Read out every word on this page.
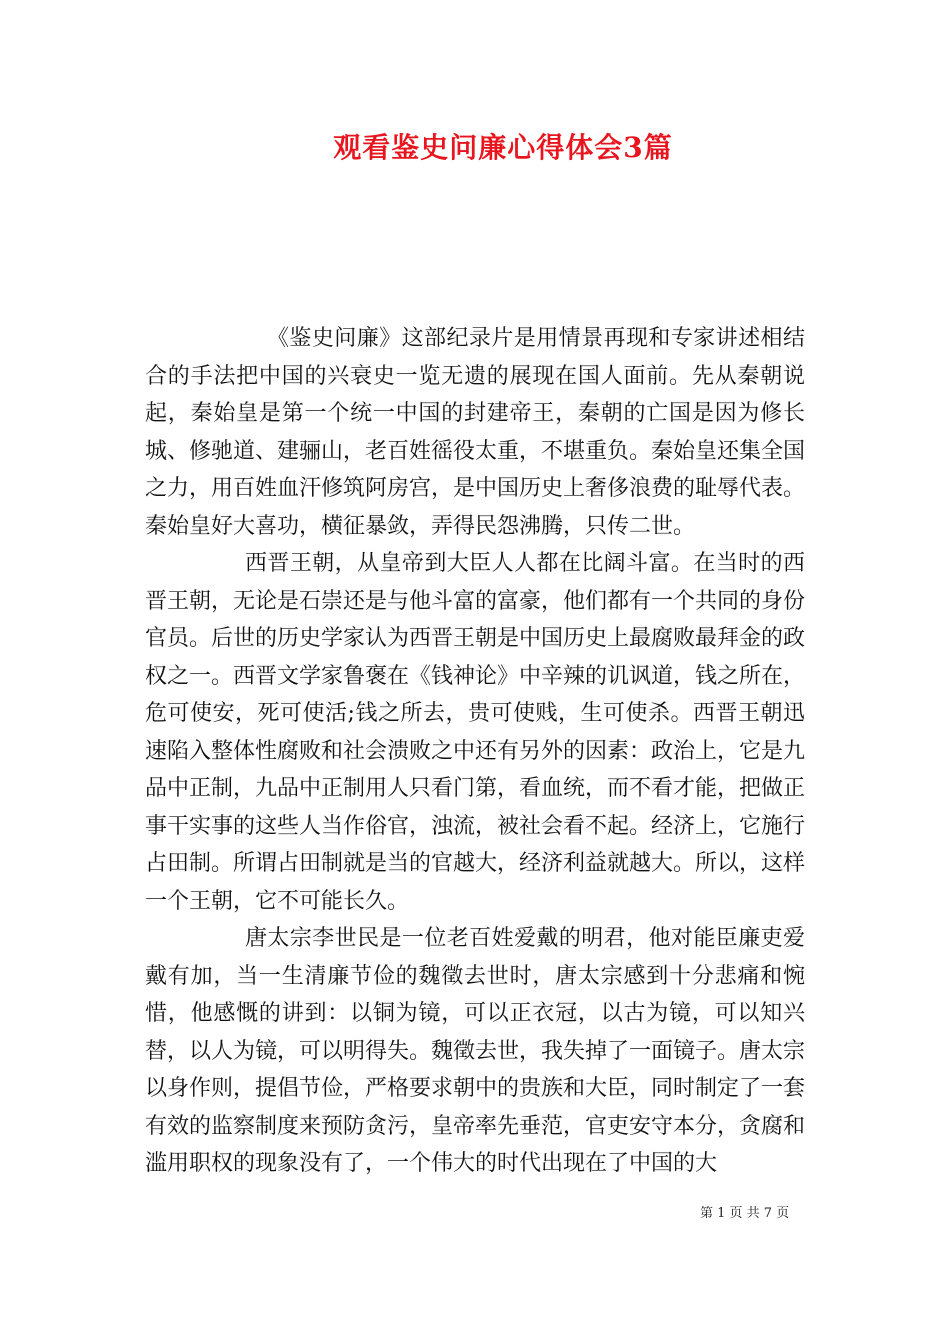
观看鉴史问廉心得体会3篇

《鉴史问廉》这部纪录片是用情景再现和专家讲述相结合的手法把中国的兴衰史一览无遗的展现在国人面前。先从秦朝说起，秦始皇是第一个统一中国的封建帝王，秦朝的亡国是因为修长城、修驰道、建骊山，老百姓徭役太重，不堪重负。秦始皇还集全国之力，用百姓血汗修筑阿房宫，是中国历史上奢侈浪费的耻辱代表。秦始皇好大喜功，横征暴敛，弄得民怨沸腾，只传二世。

西晋王朝，从皇帝到大臣人人都在比阔斗富。在当时的西晋王朝，无论是石崇还是与他斗富的富豪，他们都有一个共同的身份官员。后世的历史学家认为西晋王朝是中国历史上最腐败最拜金的政权之一。西晋文学家鲁褒在《钱神论》中辛辣的讥讽道，钱之所在，危可使安，死可使活;钱之所去，贵可使贱，生可使杀。西晋王朝迅速陷入整体性腐败和社会溃败之中还有另外的因素：政治上，它是九品中正制，九品中正制用人只看门第，看血统，而不看才能，把做正事干实事的这些人当作俗官，浊流，被社会看不起。经济上，它施行占田制。所谓占田制就是当的官越大，经济利益就越大。所以，这样一个王朝，它不可能长久。

唐太宗李世民是一位老百姓爱戴的明君，他对能臣廉吏爱戴有加，当一生清廉节俭的魏徵去世时，唐太宗感到十分悲痛和惋惜，他感慨的讲到：以铜为镜，可以正衣冠，以古为镜，可以知兴替，以人为镜，可以明得失。魏徵去世，我失掉了一面镜子。唐太宗以身作则，提倡节俭，严格要求朝中的贵族和大臣，同时制定了一套有效的监察制度来预防贪污，皇帝率先垂范，官吏安守本分，贪腐和滥用职权的现象没有了，一个伟大的时代出现在了中国的大

第 1 页 共 7 页
